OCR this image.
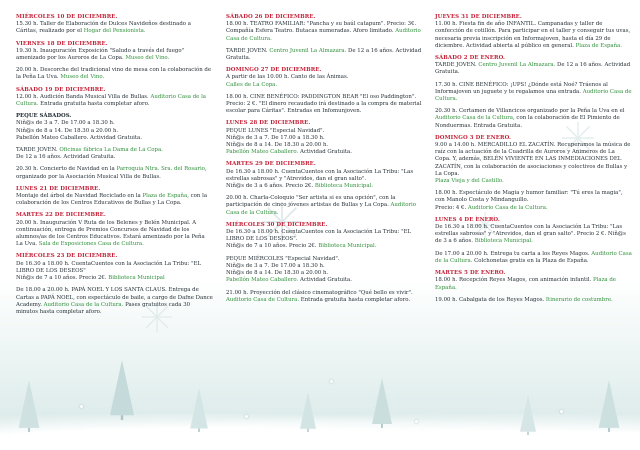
MIÉRCOLES 10 DE DICIEMBRE.
15.30 h. Taller de Elaboración de Dulces Navideños destinado a Cáritas, realizado por el Hogar del Pensionista.
VIERNES 18 DE DICIEMBRE.
19.30 h. Inauguración Exposición "Saludo a través del fuego" amenizado por los Auroros de La Copa. Museo del Vino.
20.00 h. Descorche del tradicional vino de mesa con la colaboración de la Peña La Uva. Museo del Vino.
SÁBADO 19 DE DICIEMBRE.
12.00 h. Audición Banda Musical Villa de Bullas. Auditorio Casa de la Cultura. Entrada gratuita hasta completar aforo.
PEQUE SÁBADOS.
Niñ@s de 3 a 7. De 17.00 a 18.30 h.
Niñ@s de 8 a 14. De 18.30 a 20.00 h.
Pabellón Mateo Caballero. Actividad Gratuita.
TARDE JOVEN. Oficinas fábrica La Dama de La Copa.
De 12 a 16 años. Actividad Gratuita.
20.30 h. Concierto de Navidad en la Parroquia Ntra. Sra. del Rosario, organizado por la Asociación Musical Villa de Bullas.
LUNES 21 DE DICIEMBRE.
Montaje del árbol de Navidad Reciclado en la Plaza de España, con la colaboración de los Centros Educativos de Bullas y La Copa.
MARTES 22 DE DICIEMBRE.
20.00 h. Inauguración V Ruta de los Belenes y Belén Municipal. A continuación, entrega de Premios Concursos de Navidad de los alumnos/as de los Centros Educativos. Estará amenizado por la Peña La Uva. Sala de Exposiciones Casa de Cultura.
MIÉRCOLES 23 DE DICIEMBRE.
De 16.30 a 18.00 h. CuentaCuentos con la Asociación La Tribu: "EL LIBRO DE LOS DESEOS"
Niñ@s de 7 a 10 años. Precio 2€. Biblioteca Municipal
De 18.00 a 20.00 h. PAPÁ NOEL Y LOS SANTA CLAUS. Entrega de Cartas a PAPÁ NOEL, con espectáculo de baile, a cargo de Dafne Dance Academy. Auditorio Casa de la Cultura. Pases gratuitos cada 30 minutos hasta completar aforo.
SÁBADO 26 DE DICIEMBRE.
18.00 h. TEATRO FAMILIAR: "Pancha y su baúl catapum". Precio: 3€. Compañía Esfera Teatro. Butacas numeradas. Aforo limitado. Auditorio Casa de Cultura.
TARDE JOVEN. Centro Juvenil La Almazara. De 12 a 16 años. Actividad Gratuita.
DOMINGO 27 DE DICIEMBRE.
A partir de las 10.00 h. Canto de las Ánimas.
Calles de La Copa.
18.00 h. CINE BENÉFICO: PADDINGTON BEAR "El oso Paddington". Precio: 2 €. "El dinero recaudado irá destinado a la compra de material escolar para Cáritas". Entradas en Infomunjoven.
LUNES 28 DE DICIEMBRE.
PEQUE LUNES "Especial Navidad".
Niñ@s de 3 a 7. De 17.00 a 18.30 h.
Niñ@s de 8 a 14. De 18.30 a 20.00 h.
Pabellón Mateo Caballero. Actividad Gratuita.
MARTES 29 DE DICIEMBRE.
De 16.30 a 18.00 h. CuentaCuentos con la Asociación La Tribu: "Las estrellas sabrosas" y "Atrevidos, dan el gran salto".
Niñ@s de 3 a 6 años. Precio 2€. Biblioteca Municipal.
20.00 h. Charla-Coloquio "Ser artista si es una opción", con la participación de cinco jóvenes artistas de Bullas y La Copa. Auditorio Casa de la Cultura.
MIÉRCOLES 30 DE DICIEMBRE.
De 16.30 a 18.00 h. CuentaCuentos con la Asociación La Tribu: "EL LIBRO DE LOS DESEOS".
Niñ@s de 7 a 10 años. Precio 2€. Biblioteca Municipal.
PEQUE MIÉRCOLES "Especial Navidad".
Niñ@s de 3 a 7. De 17.00 a 18.30 h.
Niñ@s de 8 a 14. De 18.30 a 20.00 h.
Pabellón Mateo Caballero. Actividad Gratuita.
21.00 h. Proyección del clásico cinematográfico "Qué bello es vivir". Auditorio Casa de Cultura. Entrada gratuita hasta completar aforo.
JUEVES 31 DE DICIEMBRE.
11.00 h. Fiesta fin de año INFANTIL. Campanadas y taller de confección de cotillón. Para participar en el taller y conseguir tus uvas, necesaria previa inscripción en Informajoven, hasta el día 29 de diciembre. Actividad abierta al público en general. Plaza de España.
SÁBADO 2 DE ENERO.
TARDE JOVEN. Centro Juvenil La Almazara. De 12 a 16 años. Actividad Gratuita.
17.30 h. CINE BENÉFICO: ¡UPS! ¿Dónde está Noé? Tráenos al Informajoven un juguete y te regalamos una entrada. Auditorio Casa de Cultura.
20.30 h. Certamen de Villancicos organizado por la Peña la Uva en el Auditorio Casa de la Cultura, con la colaboración de El Pimiento de Nonduermas. Entrada Gratuita.
DOMINGO 3 DE ENERO.
9.00 a 14.00 h. MERCADILLO EL ZACATÍN. Recuperamos la música de raíz con la actuación de la Cuadrilla de Auroros y Animeros de La Copa. Y, además, BELÉN VIVIENTE EN LAS INMEDIACIONES DEL ZACATÍN, con la colaboración de asociaciones y colectivos de Bullas y La Copa.
Plaza Vieja y del Castillo.
18.00 h. Espectáculo de Magia y humor familiar: "Tú eres la magia", con Manolo Costa y Mindanguillo.
Precio: 4 €. Auditorio Casa de la Cultura.
LUNES 4 DE ENERO.
De 16.30 a 18.00 h. CuentaCuentos con la Asociación La Tribu: "Las estrellas sabrosas" y "Atrevidos, dan el gran salto". Precio 2 €. Niñ@s de 3 a 6 años. Biblioteca Municipal.
De 17.00 a 20.00 h. Entrega tu carta a los Reyes Magos. Auditorio Casa de la Cultura. Colchonetas gratis en la Plaza de España.
MARTES 5 DE ENERO.
18.00 h. Recepción Reyes Magos, con animación infantil. Plaza de España.
19.00 h. Cabalgata de los Reyes Magos. Itinerario de costumbre.
